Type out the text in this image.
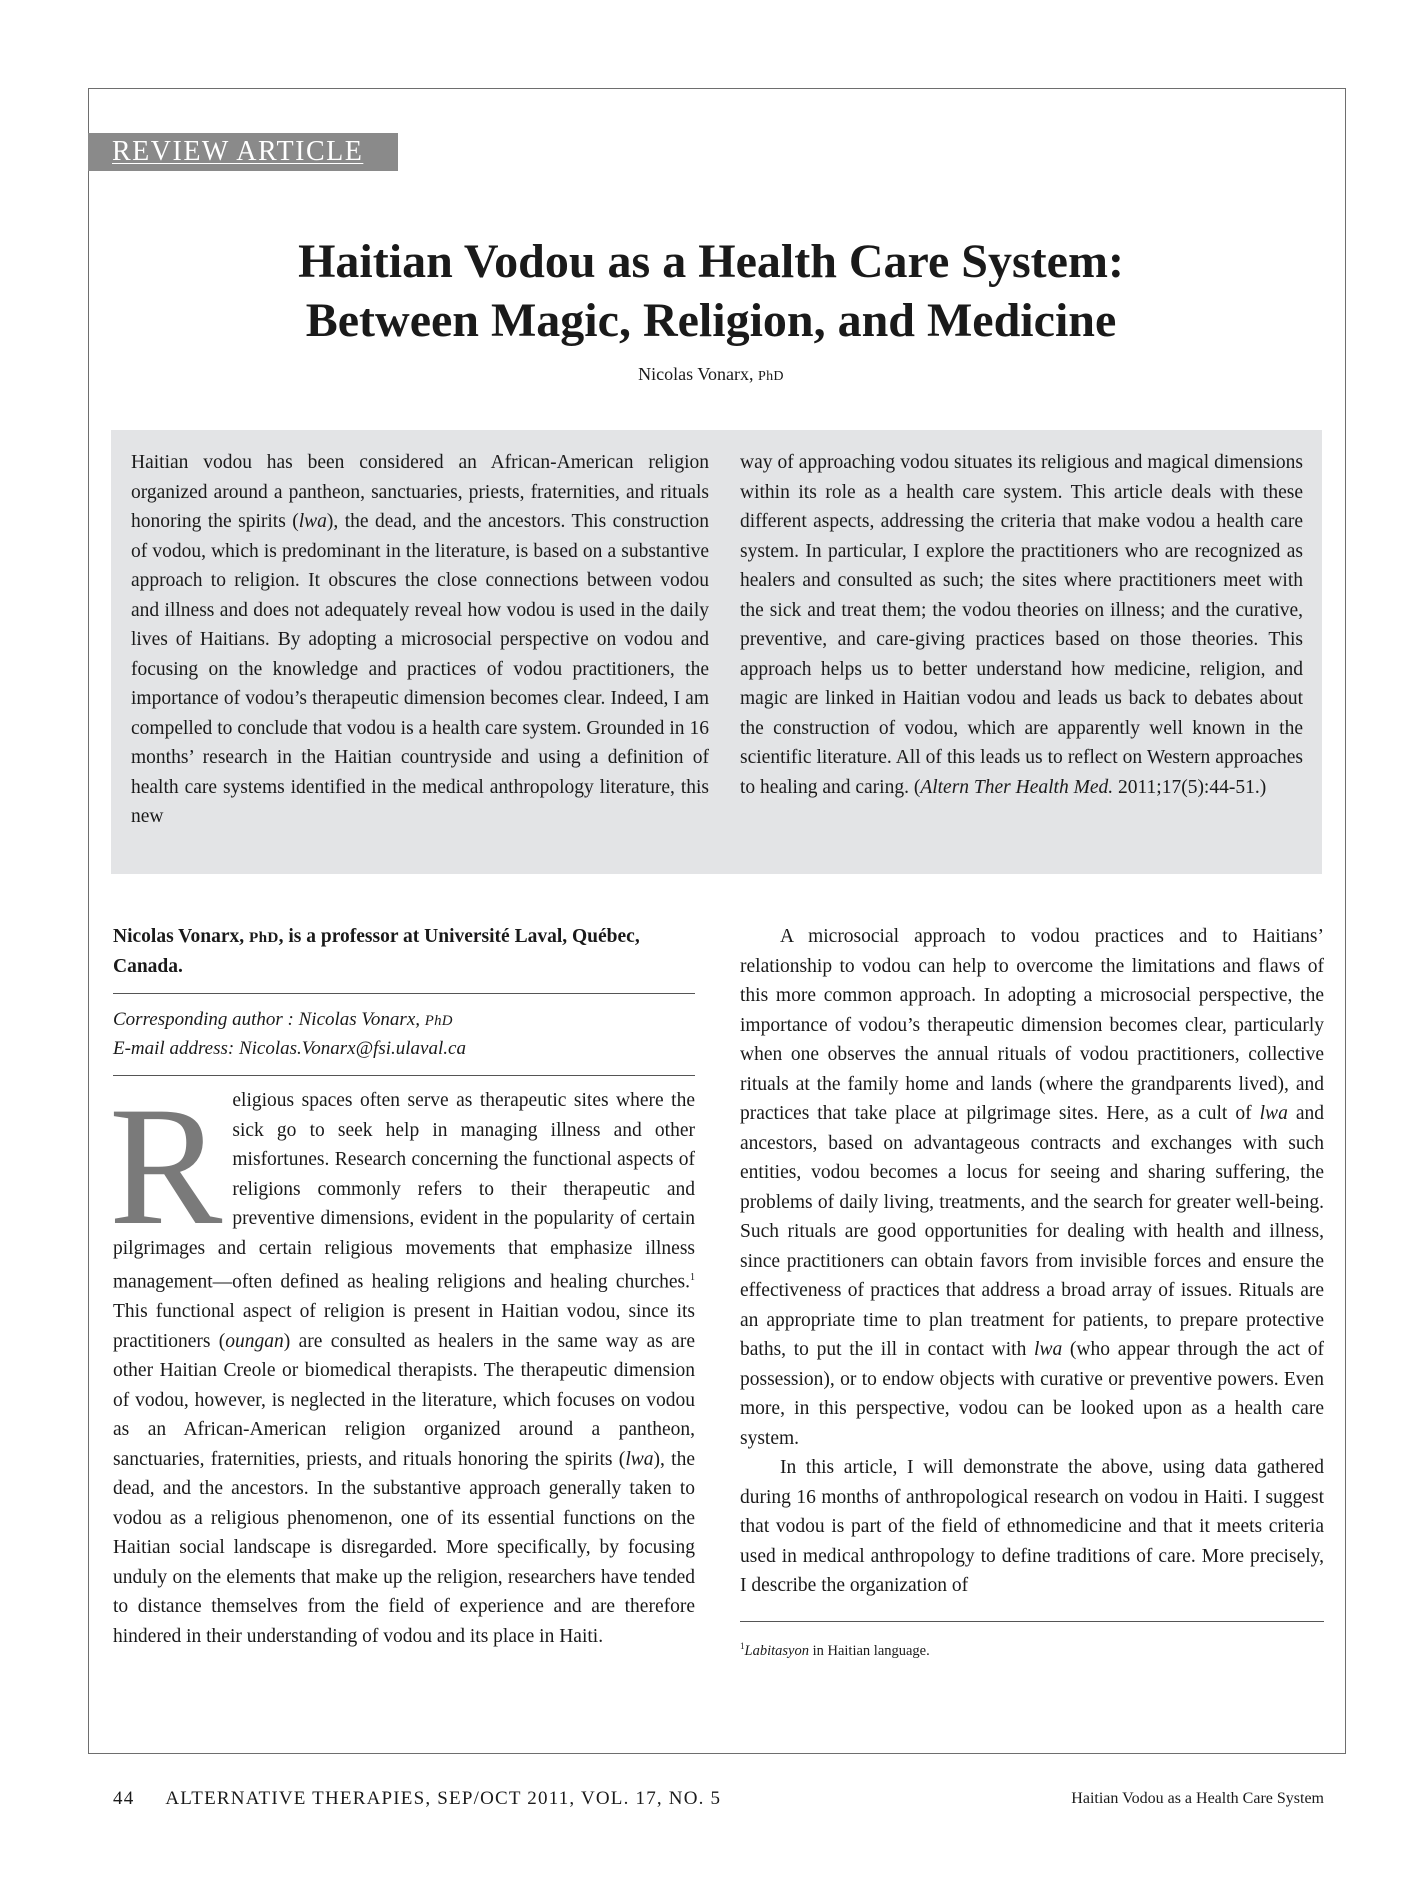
REVIEW ARTICLE
Haitian Vodou as a Health Care System:
Between Magic, Religion, and Medicine
Nicolas Vonarx, PhD
Haitian vodou has been considered an African-American religion organized around a pantheon, sanctuaries, priests, fraternities, and rituals honoring the spirits (lwa), the dead, and the ancestors. This construction of vodou, which is predominant in the literature, is based on a substantive approach to religion. It obscures the close connections between vodou and illness and does not adequately reveal how vodou is used in the daily lives of Haitians. By adopting a microsocial perspective on vodou and focusing on the knowledge and practices of vodou practitioners, the importance of vodou’s therapeutic dimension becomes clear. Indeed, I am compelled to conclude that vodou is a health care system. Grounded in 16 months’ research in the Haitian countryside and using a definition of health care systems identified in the medical anthropology literature, this new
way of approaching vodou situates its religious and magical dimensions within its role as a health care system. This article deals with these different aspects, addressing the criteria that make vodou a health care system. In particular, I explore the practitioners who are recognized as healers and consulted as such; the sites where practitioners meet with the sick and treat them; the vodou theories on illness; and the curative, preventive, and care-giving practices based on those theories. This approach helps us to better understand how medicine, religion, and magic are linked in Haitian vodou and leads us back to debates about the construction of vodou, which are apparently well known in the scientific literature. All of this leads us to reflect on Western approaches to healing and caring. (Altern Ther Health Med. 2011;17(5):44-51.)

Nicolas Vonarx, PhD, is a professor at Université Laval, Québec, Canada.

Corresponding author : Nicolas Vonarx, PhD
E-mail address: Nicolas.Vonarx@fsi.ulaval.ca

Religious spaces often serve as therapeutic sites where the sick go to seek help in managing illness and other misfortunes. Research concerning the functional aspects of religions commonly refers to their therapeutic and preventive dimensions, evident in the popularity of certain pilgrimages and certain religious movements that emphasize illness management—often defined as healing religions and healing churches.$^1$ This functional aspect of religion is present in Haitian vodou, since its practitioners (oungan) are consulted as healers in the same way as are other Haitian Creole or biomedical therapists. The therapeutic dimension of vodou, however, is neglected in the literature, which focuses on vodou as an African-American religion organized around a pantheon, sanctuaries, fraternities, priests, and rituals honoring the spirits (lwa), the dead, and the ancestors. In the substantive approach generally taken to vodou as a religious phenomenon, one of its essential functions on the Haitian social landscape is disregarded. More specifically, by focusing unduly on the elements that make up the religion, researchers have tended to distance themselves from the field of experience and are therefore hindered in their understanding of vodou and its place in Haiti.

A microsocial approach to vodou practices and to Haitians’ relationship to vodou can help to overcome the limitations and flaws of this more common approach. In adopting a microsocial perspective, the importance of vodou’s therapeutic dimension becomes clear, particularly when one observes the annual rituals of vodou practitioners, collective rituals at the family home and lands (where the grandparents lived), and practices that take place at pilgrimage sites. Here, as a cult of lwa and ancestors, based on advantageous contracts and exchanges with such entities, vodou becomes a locus for seeing and sharing suffering, the problems of daily living, treatments, and the search for greater well-being. Such rituals are good opportunities for dealing with health and illness, since practitioners can obtain favors from invisible forces and ensure the effectiveness of practices that address a broad array of issues. Rituals are an appropriate time to plan treatment for patients, to prepare protective baths, to put the ill in contact with lwa (who appear through the act of possession), or to endow objects with curative or preventive powers. Even more, in this perspective, vodou can be looked upon as a health care system.

In this article, I will demonstrate the above, using data gathered during 16 months of anthropological research on vodou in Haiti. I suggest that vodou is part of the field of ethnomedicine and that it meets criteria used in medical anthropology to define traditions of care. More precisely, I describe the organization of

$^1$Labitasyon in Haitian language.

44 ALTERNATIVE THERAPIES, SEP/OCT 2011, VOL. 17, NO. 5	Haitian Vodou as a Health Care System
